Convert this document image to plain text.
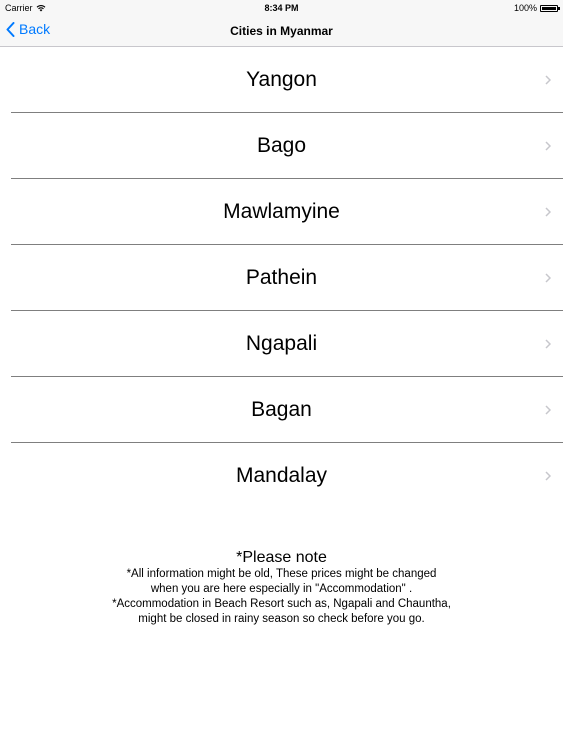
Carrier	8:34 PM	100%
Back	Cities in Myanmar
Yangon
Bago
Mawlamyine
Pathein
Ngapali
Bagan
Mandalay
*Please note
*All information might be old, These prices might be changed
when you are here especially in "Accommodation" .
*Accommodation in Beach Resort such as, Ngapali and Chauntha,
might be closed in rainy season so check before you go.
